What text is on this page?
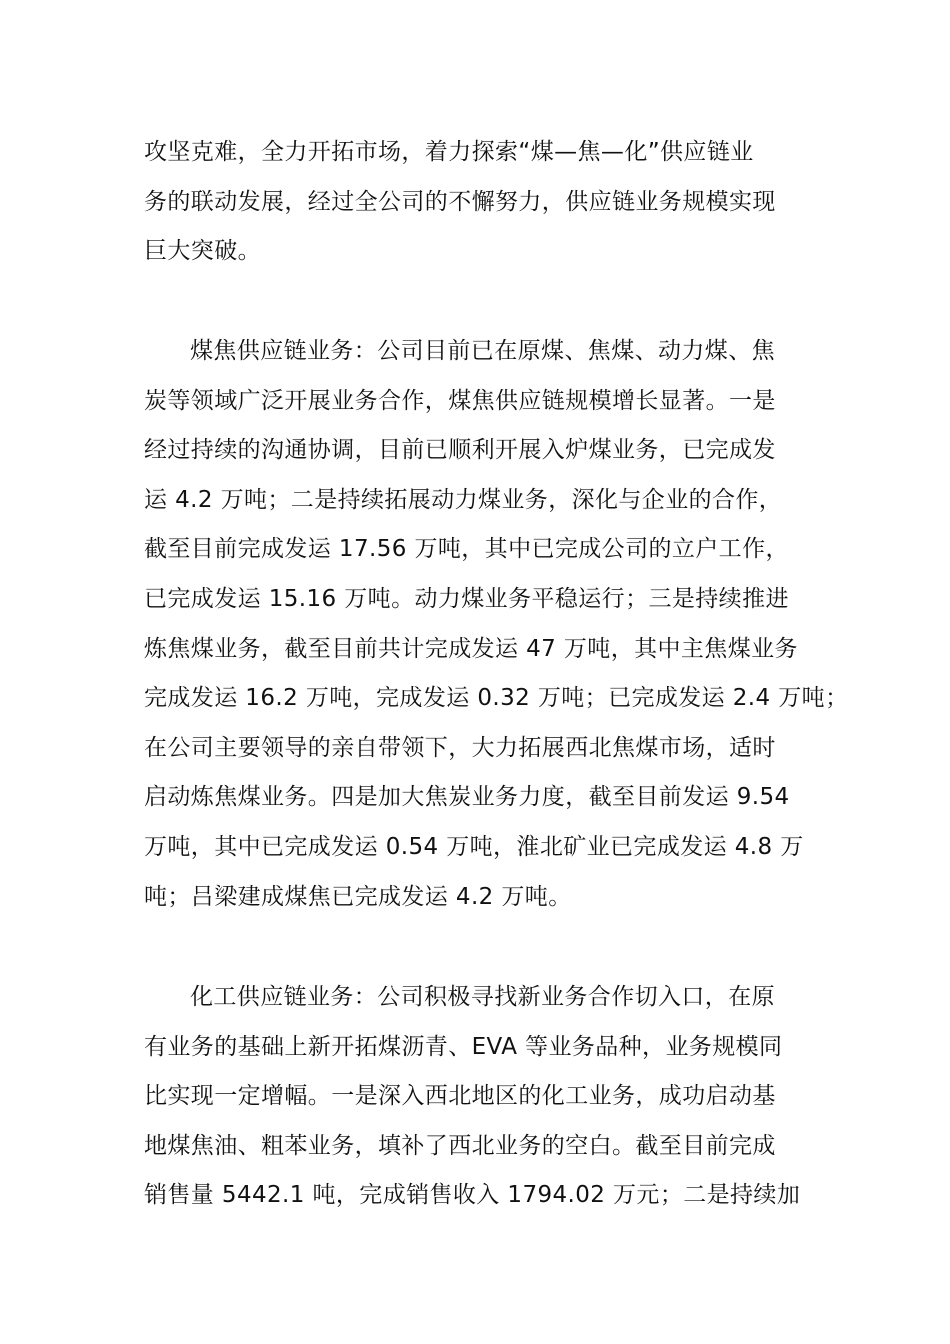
攻坚克难，全力开拓市场，着力探索“煤—焦—化”供应链业
务的联动发展，经过全公司的不懈努力，供应链业务规模实现
巨大突破。
煤焦供应链业务：公司目前已在原煤、焦煤、动力煤、焦
炭等领域广泛开展业务合作，煤焦供应链规模增长显著。一是
经过持续的沟通协调，目前已顺利开展入炉煤业务，已完成发
运 4.2 万吨；二是持续拓展动力煤业务，深化与企业的合作，
截至目前完成发运 17.56 万吨，其中已完成公司的立户工作，
已完成发运 15.16 万吨。动力煤业务平稳运行；三是持续推进
炼焦煤业务，截至目前共计完成发运 47 万吨，其中主焦煤业务
完成发运 16.2 万吨，完成发运 0.32 万吨；已完成发运 2.4 万吨；
在公司主要领导的亲自带领下，大力拓展西北焦煤市场，适时
启动炼焦煤业务。四是加大焦炭业务力度，截至目前发运 9.54
万吨，其中已完成发运 0.54 万吨，淮北矿业已完成发运 4.8 万
吨；吕梁建成煤焦已完成发运 4.2 万吨。
化工供应链业务：公司积极寻找新业务合作切入口，在原
有业务的基础上新开拓煤沥青、EVA 等业务品种，业务规模同
比实现一定增幅。一是深入西北地区的化工业务，成功启动基
地煤焦油、粗苯业务，填补了西北业务的空白。截至目前完成
销售量 5442.1 吨，完成销售收入 1794.02 万元；二是持续加
